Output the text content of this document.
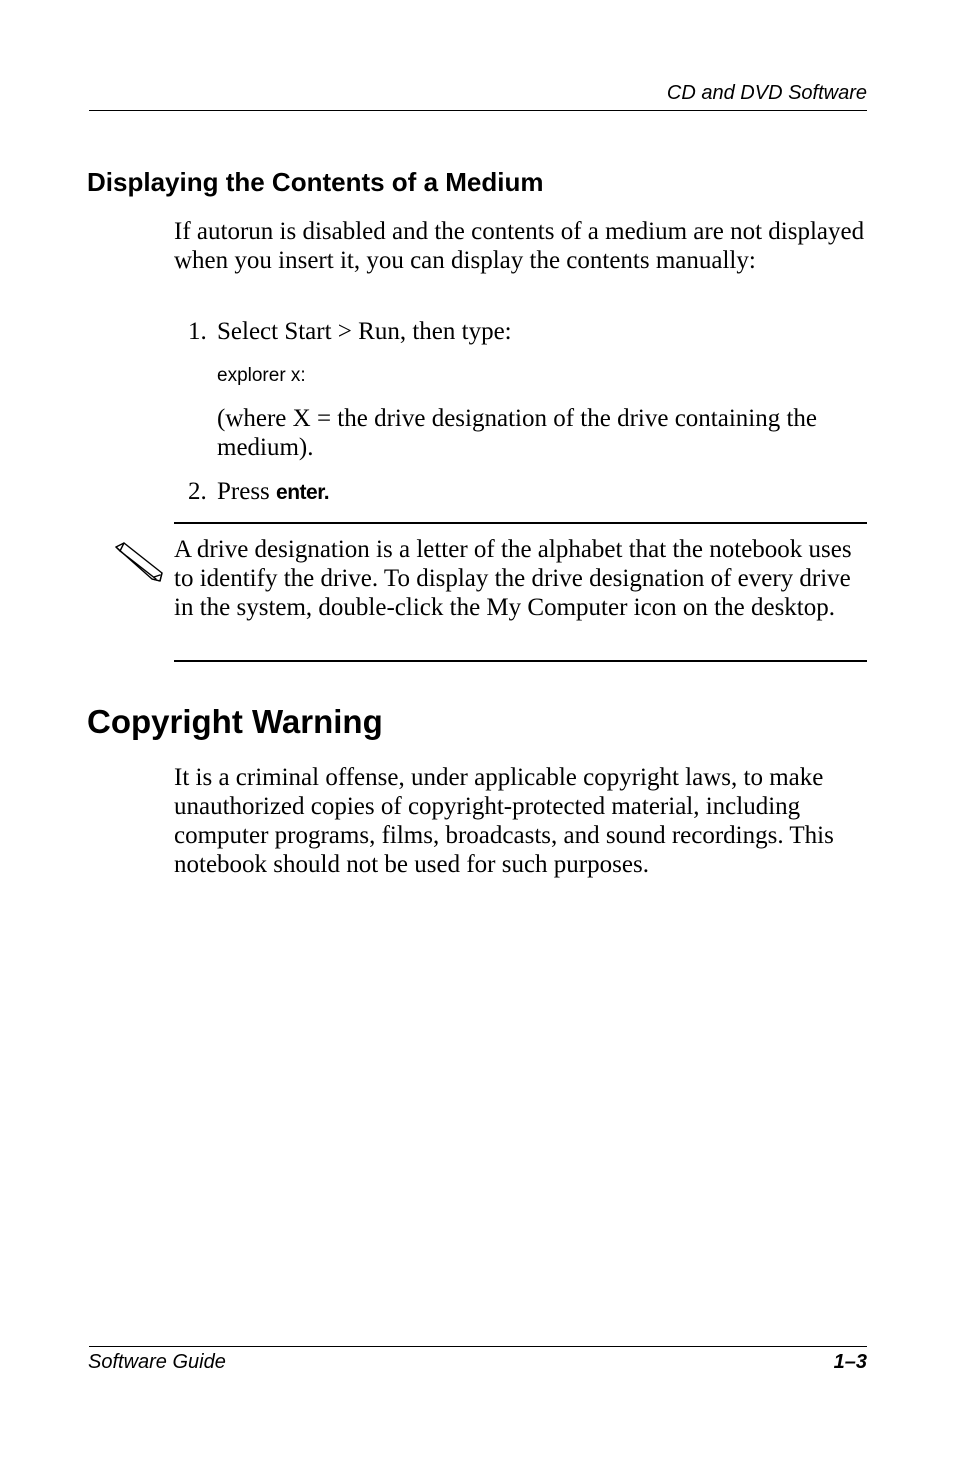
CD and DVD Software
Displaying the Contents of a Medium

If autorun is disabled and the contents of a medium are not displayed when you insert it, you can display the contents manually:

1. Select Start > Run, then type:
explorer x:

(where X = the drive designation of the drive containing the medium).

2. Press enter.

A drive designation is a letter of the alphabet that the notebook uses to identify the drive. To display the drive designation of every drive in the system, double-click the My Computer icon on the desktop.

Copyright Warning

It is a criminal offense, under applicable copyright laws, to make unauthorized copies of copyright-protected material, including computer programs, films, broadcasts, and sound recordings. This notebook should not be used for such purposes.

Software Guide	1–3
